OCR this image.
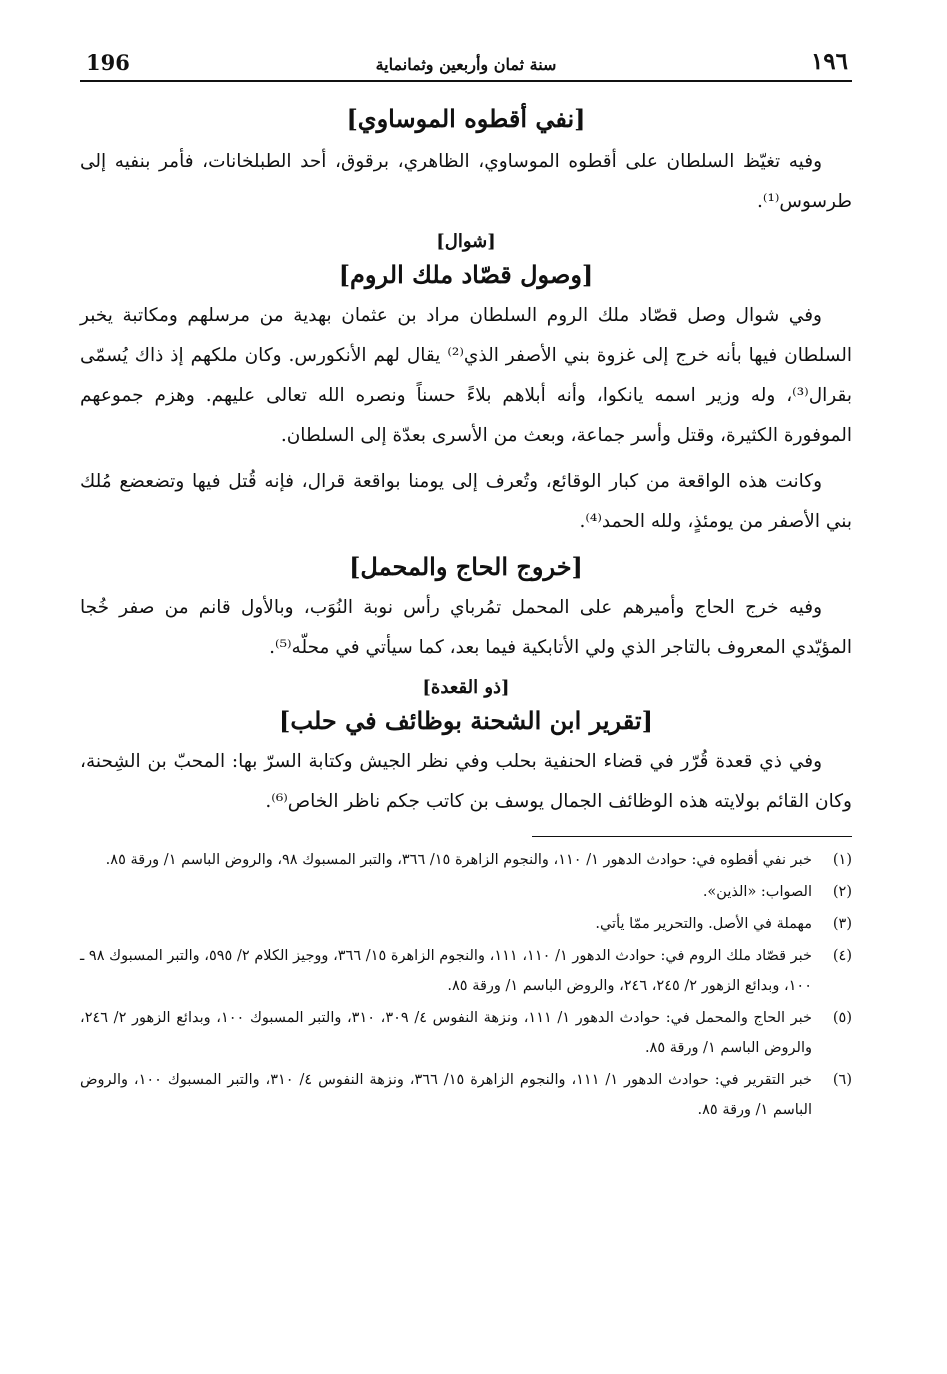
196	سنة ثمان وأربعين وثمانماية	١٩٦
[نفي أقطوه الموساوي]

وفيه تغيّظ السلطان على أقطوه الموساوي، الظاهري، برقوق، أحد الطبلخانات، فأمر بنفيه إلى طرسوس⁽¹⁾.

[شوال]
[وصول قصّاد ملك الروم]

وفي شوال وصل قصّاد ملك الروم السلطان مراد بن عثمان بهدية من مرسلهم ومكاتبة يخبر السلطان فيها بأنه خرج إلى غزوة بني الأصفر الذي⁽²⁾ يقال لهم الأنكورس. وكان ملكهم إذ ذاك يُسمّى بقرال⁽³⁾، وله وزير اسمه يانكوا، وأنه أبلاهم بلاءً حسناً ونصره الله تعالى عليهم. وهزم جموعهم الموفورة الكثيرة، وقتل وأسر جماعة، وبعث من الأسرى بعدّة إلى السلطان.

وكانت هذه الواقعة من كبار الوقائع، وتُعرف إلى يومنا بواقعة قرال، فإنه قُتل فيها وتضعضع مُلك بني الأصفر من يومئذٍ، ولله الحمد⁽⁴⁾.

[خروج الحاج والمحمل]

وفيه خرج الحاج وأميرهم على المحمل تمُرباي رأس نوبة النُوَب، وبالأول قانم من صفر خُجا المؤيّدي المعروف بالتاجر الذي ولي الأتابكية فيما بعد، كما سيأتي في محلّه⁽⁵⁾.

[ذو القعدة]
[تقرير ابن الشحنة بوظائف في حلب]

وفي ذي قعدة قُرّر في قضاء الحنفية بحلب وفي نظر الجيش وكتابة السرّ بها: المحبّ بن الشِحنة، وكان القائم بولايته هذه الوظائف الجمال يوسف بن كاتب جكم ناظر الخاص⁽⁶⁾.

(١)
خبر نفي أقطوه في: حوادث الدهور ١/ ١١٠، والنجوم الزاهرة ١٥/ ٣٦٦، والتبر المسبوك ٩٨، والروض الباسم ١/ ورقة ٨٥.
(٢)
الصواب: «الذين».
(٣)
مهملة في الأصل. والتحرير ممّا يأتي.
(٤)
خبر قصّاد ملك الروم في: حوادث الدهور ١/ ١١٠، ١١١، والنجوم الزاهرة ١٥/ ٣٦٦، ووجيز الكلام ٢/ ٥٩٥، والتبر المسبوك ٩٨ ـ ١٠٠، وبدائع الزهور ٢/ ٢٤٥، ٢٤٦، والروض الباسم ١/ ورقة ٨٥.
(٥)
خبر الحاج والمحمل في: حوادث الدهور ١/ ١١١، ونزهة النفوس ٤/ ٣٠٩، ٣١٠، والتبر المسبوك ١٠٠، وبدائع الزهور ٢/ ٢٤٦، والروض الباسم ١/ ورقة ٨٥.
(٦)
خبر التقرير في: حوادث الدهور ١/ ١١١، والنجوم الزاهرة ١٥/ ٣٦٦، ونزهة النفوس ٤/ ٣١٠، والتبر المسبوك ١٠٠، والروض الباسم ١/ ورقة ٨٥.
